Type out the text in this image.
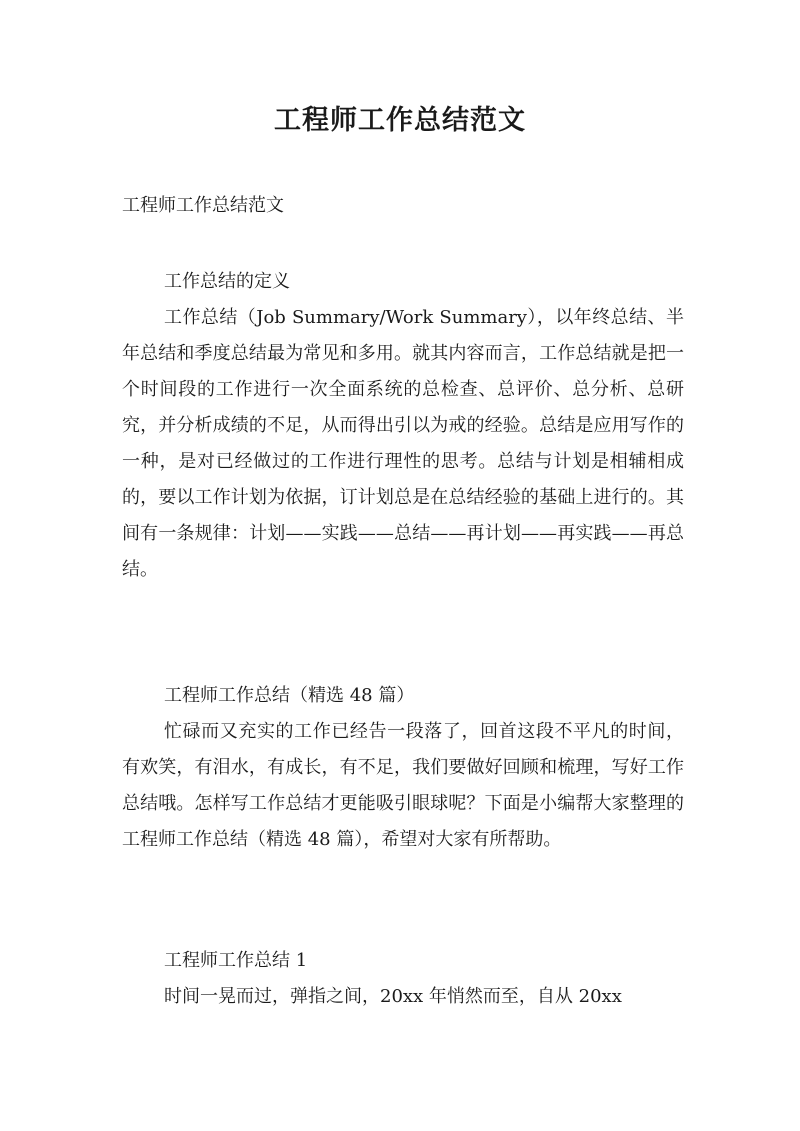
工程师工作总结范文
工程师工作总结范文
工作总结的定义

工作总结（Job Summary/Work Summary），以年终总结、半年总结和季度总结最为常见和多用。就其内容而言，工作总结就是把一个时间段的工作进行一次全面系统的总检查、总评价、总分析、总研究，并分析成绩的不足，从而得出引以为戒的经验。总结是应用写作的一种，是对已经做过的工作进行理性的思考。总结与计划是相辅相成的，要以工作计划为依据，订计划总是在总结经验的基础上进行的。其间有一条规律：计划——实践——总结——再计划——再实践——再总结。

工程师工作总结（精选 48 篇）

忙碌而又充实的工作已经告一段落了，回首这段不平凡的时间，有欢笑，有泪水，有成长，有不足，我们要做好回顾和梳理，写好工作总结哦。怎样写工作总结才更能吸引眼球呢？下面是小编帮大家整理的工程师工作总结（精选 48 篇），希望对大家有所帮助。

工程师工作总结 1

时间一晃而过，弹指之间，20xx 年悄然而至，自从 20xx
